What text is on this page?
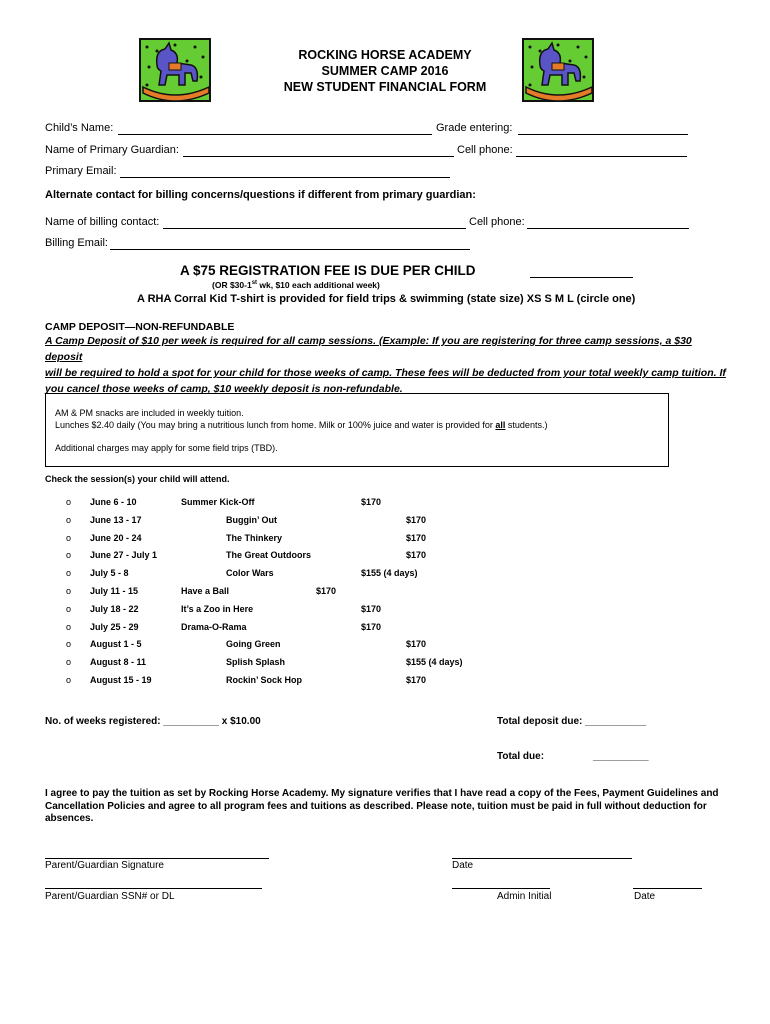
ROCKING HORSE ACADEMY
SUMMER CAMP 2016
NEW STUDENT FINANCIAL FORM
Child’s Name:	Grade entering:
Name of Primary Guardian:	Cell phone:
Primary Email:
Alternate contact for billing concerns/questions if different from primary guardian:
Name of billing contact:	Cell phone:
Billing Email:
A $75 REGISTRATION FEE IS DUE PER CHILD
(OR $30-1st wk, $10 each additional week)
A RHA Corral Kid T-shirt is provided for field trips & swimming (state size) XS S M L (circle one)
CAMP DEPOSIT—NON-REFUNDABLE
A Camp Deposit of $10 per week is required for all camp sessions. (Example: If you are registering for three camp sessions, a $30 deposit
will be required to hold a spot for your child for those weeks of camp. These fees will be deducted from your total weekly camp tuition. If
you cancel those weeks of camp, $10 weekly deposit is non-refundable.
AM & PM snacks are included in weekly tuition.
Lunches $2.40 daily (You may bring a nutritious lunch from home. Milk or 100% juice and water is provided for all students.)
Additional charges may apply for some field trips (TBD).
Check the session(s) your child will attend.
o June 6 - 10	Summer Kick-Off	$170
o June 13 - 17	Buggin’ Out	$170
o June 20 - 24	The Thinkery	$170
o June 27 - July 1	The Great Outdoors	$170
o July 5 - 8	Color Wars	$155 (4 days)
o July 11 - 15	Have a Ball	$170
o July 18 - 22	It’s a Zoo in Here	$170
o July 25 - 29	Drama-O-Rama	$170
o August 1 - 5	Going Green	$170
o August 8 - 11	Splish Splash	$155 (4 days)
o August 15 - 19	Rockin’ Sock Hop	$170
No. of weeks registered: __________ x $10.00	Total deposit due: ___________
Total due:	__________
I agree to pay the tuition as set by Rocking Horse Academy. My signature verifies that I have read a copy of the Fees, Payment Guidelines and Cancellation Policies and agree to all program fees and tuitions as described. Please note, tuition must be paid in full without deduction for absences.
Parent/Guardian Signature	Date
Parent/Guardian SSN# or DL	Admin Initial	Date
